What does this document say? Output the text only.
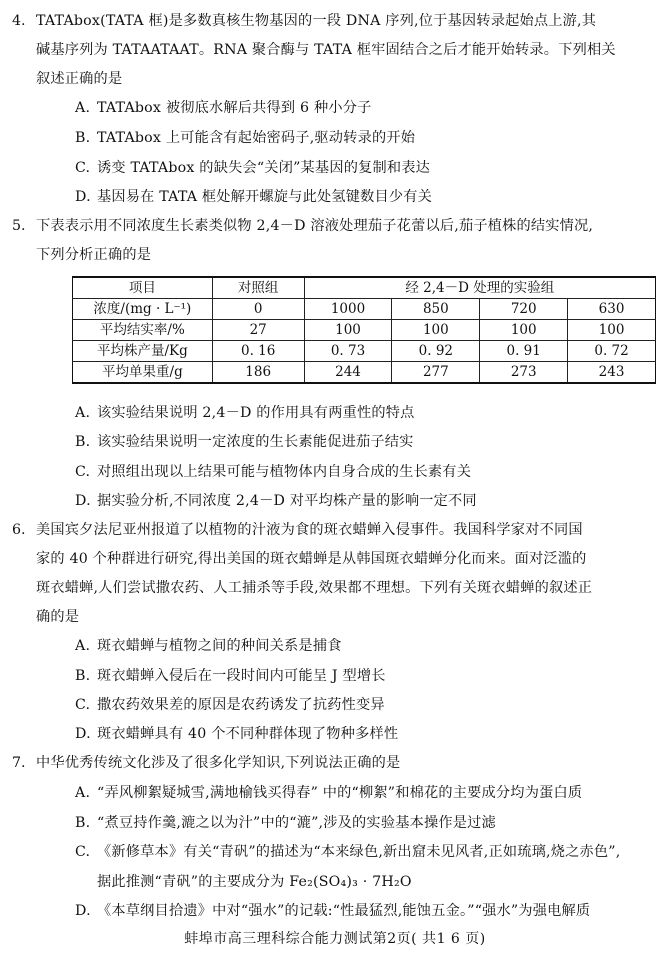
4. TATAbox(TATA 框)是多数真核生物基因的一段 DNA 序列,位于基因转录起始点上游,其
碱基序列为 TATAATAAT。RNA 聚合酶与 TATA 框牢固结合之后才能开始转录。下列相关
叙述正确的是
A. TATAbox 被彻底水解后共得到 6 种小分子
B. TATAbox 上可能含有起始密码子,驱动转录的开始
C. 诱变 TATAbox 的缺失会“关闭”某基因的复制和表达
D. 基因易在 TATA 框处解开螺旋与此处氢键数目少有关
5. 下表表示用不同浓度生长素类似物 2,4－D 溶液处理茄子花蕾以后,茄子植株的结实情况,
下列分析正确的是
项目	对照组	经 2,4－D 处理的实验组			
浓度/(mg · L⁻¹)	0	1000	850	720	630
平均结实率/%	27	100	100	100	100
平均株产量/Kg	0. 16	0. 73	0. 92	0. 91	0. 72
平均单果重/g	186	244	277	273	243
A. 该实验结果说明 2,4－D 的作用具有两重性的特点
B. 该实验结果说明一定浓度的生长素能促进茄子结实
C. 对照组出现以上结果可能与植物体内自身合成的生长素有关
D. 据实验分析,不同浓度 2,4－D 对平均株产量的影响一定不同
6. 美国宾夕法尼亚州报道了以植物的汁液为食的斑衣蜡蝉入侵事件。我国科学家对不同国
家的 40 个种群进行研究,得出美国的斑衣蜡蝉是从韩国斑衣蜡蝉分化而来。面对泛滥的
斑衣蜡蝉,人们尝试撒农药、人工捕杀等手段,效果都不理想。下列有关斑衣蜡蝉的叙述正
确的是
A. 斑衣蜡蝉与植物之间的种间关系是捕食
B. 斑衣蜡蝉入侵后在一段时间内可能呈 J 型增长
C. 撒农药效果差的原因是农药诱发了抗药性变异
D. 斑衣蜡蝉具有 40 个不同种群体现了物种多样性
7. 中华优秀传统文化涉及了很多化学知识,下列说法正确的是
A. “弄风柳絮疑城雪,满地榆钱买得春” 中的“柳絮”和棉花的主要成分均为蛋白质
B. “煮豆持作羹,漉之以为汁”中的“漉”,涉及的实验基本操作是过滤
C. 《新修草本》有关“青矾”的描述为“本来绿色,新出窟未见风者,正如琉璃,烧之赤色”,
据此推测“青矾”的主要成分为 Fe₂(SO₄)₃ · 7H₂O
D. 《本草纲目拾遗》中对“强水”的记载:“性最猛烈,能蚀五金。”“强水”为强电解质
蚌埠市高三理科综合能力测试第2页( 共1 6 页)
